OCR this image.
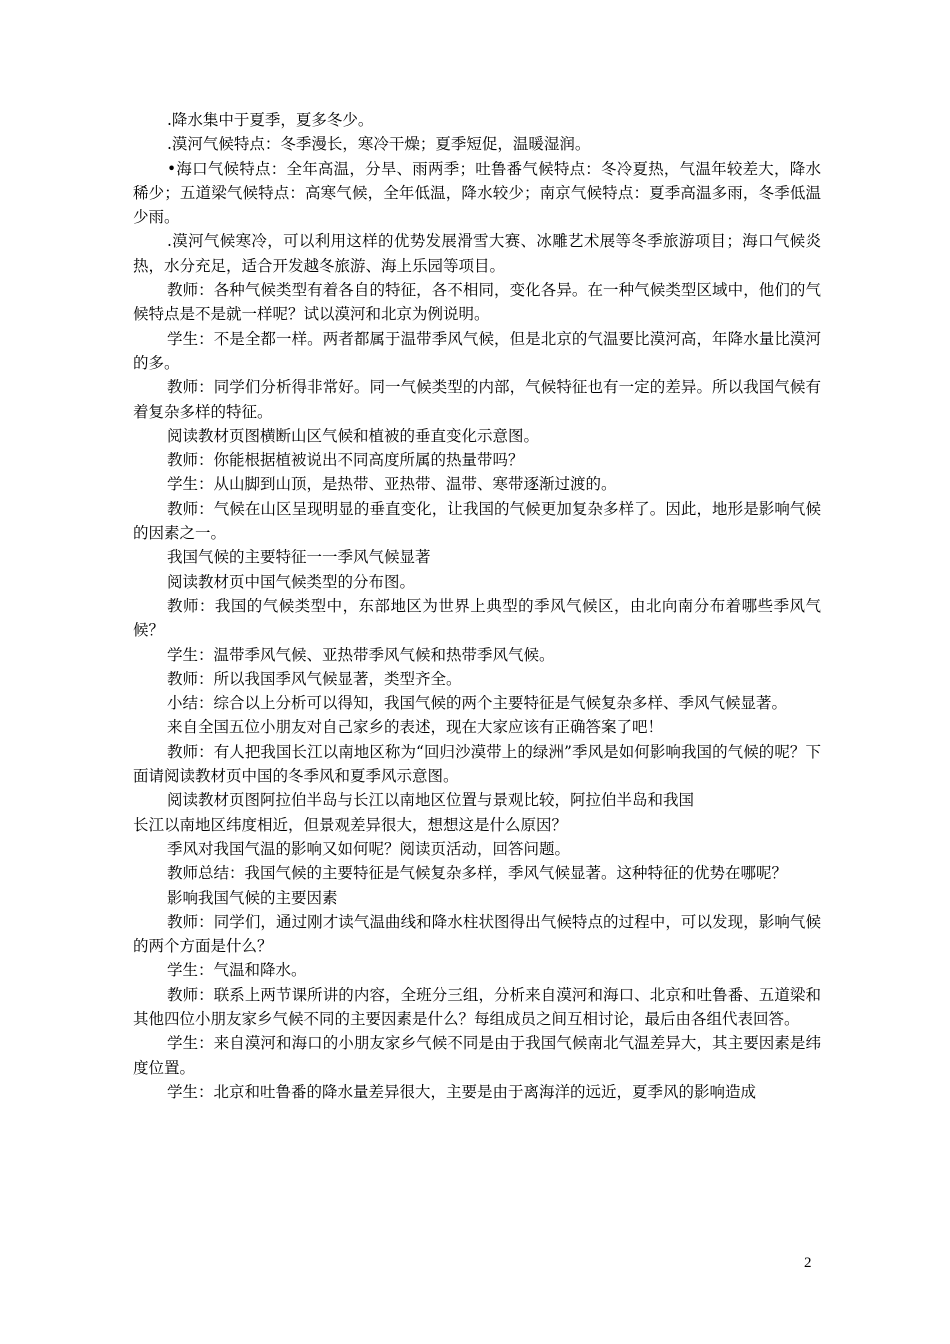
.降水集中于夏季，夏多冬少。

.漠河气候特点：冬季漫长，寒冷干燥；夏季短促，温暖湿润。

•海口气候特点：全年高温，分旱、雨两季；吐鲁番气候特点：冬冷夏热，气温年较差大，降水稀少；五道梁气候特点：高寒气候，全年低温，降水较少；南京气候特点：夏季高温多雨，冬季低温少雨。

.漠河气候寒冷，可以利用这样的优势发展滑雪大赛、冰雕艺术展等冬季旅游项目；海口气候炎热，水分充足，适合开发越冬旅游、海上乐园等项目。

教师：各种气候类型有着各自的特征，各不相同，变化各异。在一种气候类型区域中，他们的气候特点是不是就一样呢？试以漠河和北京为例说明。

学生：不是全都一样。两者都属于温带季风气候，但是北京的气温要比漠河高，年降水量比漠河的多。

教师：同学们分析得非常好。同一气候类型的内部，气候特征也有一定的差异。所以我国气候有着复杂多样的特征。

阅读教材页图横断山区气候和植被的垂直变化示意图。

教师：你能根据植被说出不同高度所属的热量带吗？

学生：从山脚到山顶，是热带、亚热带、温带、寒带逐渐过渡的。

教师：气候在山区呈现明显的垂直变化，让我国的气候更加复杂多样了。因此，地形是影响气候的因素之一。

我国气候的主要特征一一季风气候显著

阅读教材页中国气候类型的分布图。

教师：我国的气候类型中，东部地区为世界上典型的季风气候区，由北向南分布着哪些季风气候？

学生：温带季风气候、亚热带季风气候和热带季风气候。

教师：所以我国季风气候显著，类型齐全。

小结：综合以上分析可以得知，我国气候的两个主要特征是气候复杂多样、季风气候显著。

来自全国五位小朋友对自己家乡的表述，现在大家应该有正确答案了吧！

教师：有人把我国长江以南地区称为“回归沙漠带上的绿洲”季风是如何影响我国的气候的呢？下面请阅读教材页中国的冬季风和夏季风示意图。

阅读教材页图阿拉伯半岛与长江以南地区位置与景观比较，阿拉伯半岛和我国

长江以南地区纬度相近，但景观差异很大，想想这是什么原因？

季风对我国气温的影响又如何呢？阅读页活动，回答问题。

教师总结：我国气候的主要特征是气候复杂多样，季风气候显著。这种特征的优势在哪呢？

影响我国气候的主要因素

教师：同学们，通过刚才读气温曲线和降水柱状图得出气候特点的过程中，可以发现，影响气候的两个方面是什么？

学生：气温和降水。

教师：联系上两节课所讲的内容，全班分三组，分析来自漠河和海口、北京和吐鲁番、五道梁和其他四位小朋友家乡气候不同的主要因素是什么？每组成员之间互相讨论，最后由各组代表回答。

学生：来自漠河和海口的小朋友家乡气候不同是由于我国气候南北气温差异大，其主要因素是纬度位置。

学生：北京和吐鲁番的降水量差异很大，主要是由于离海洋的远近，夏季风的影响造成

2
